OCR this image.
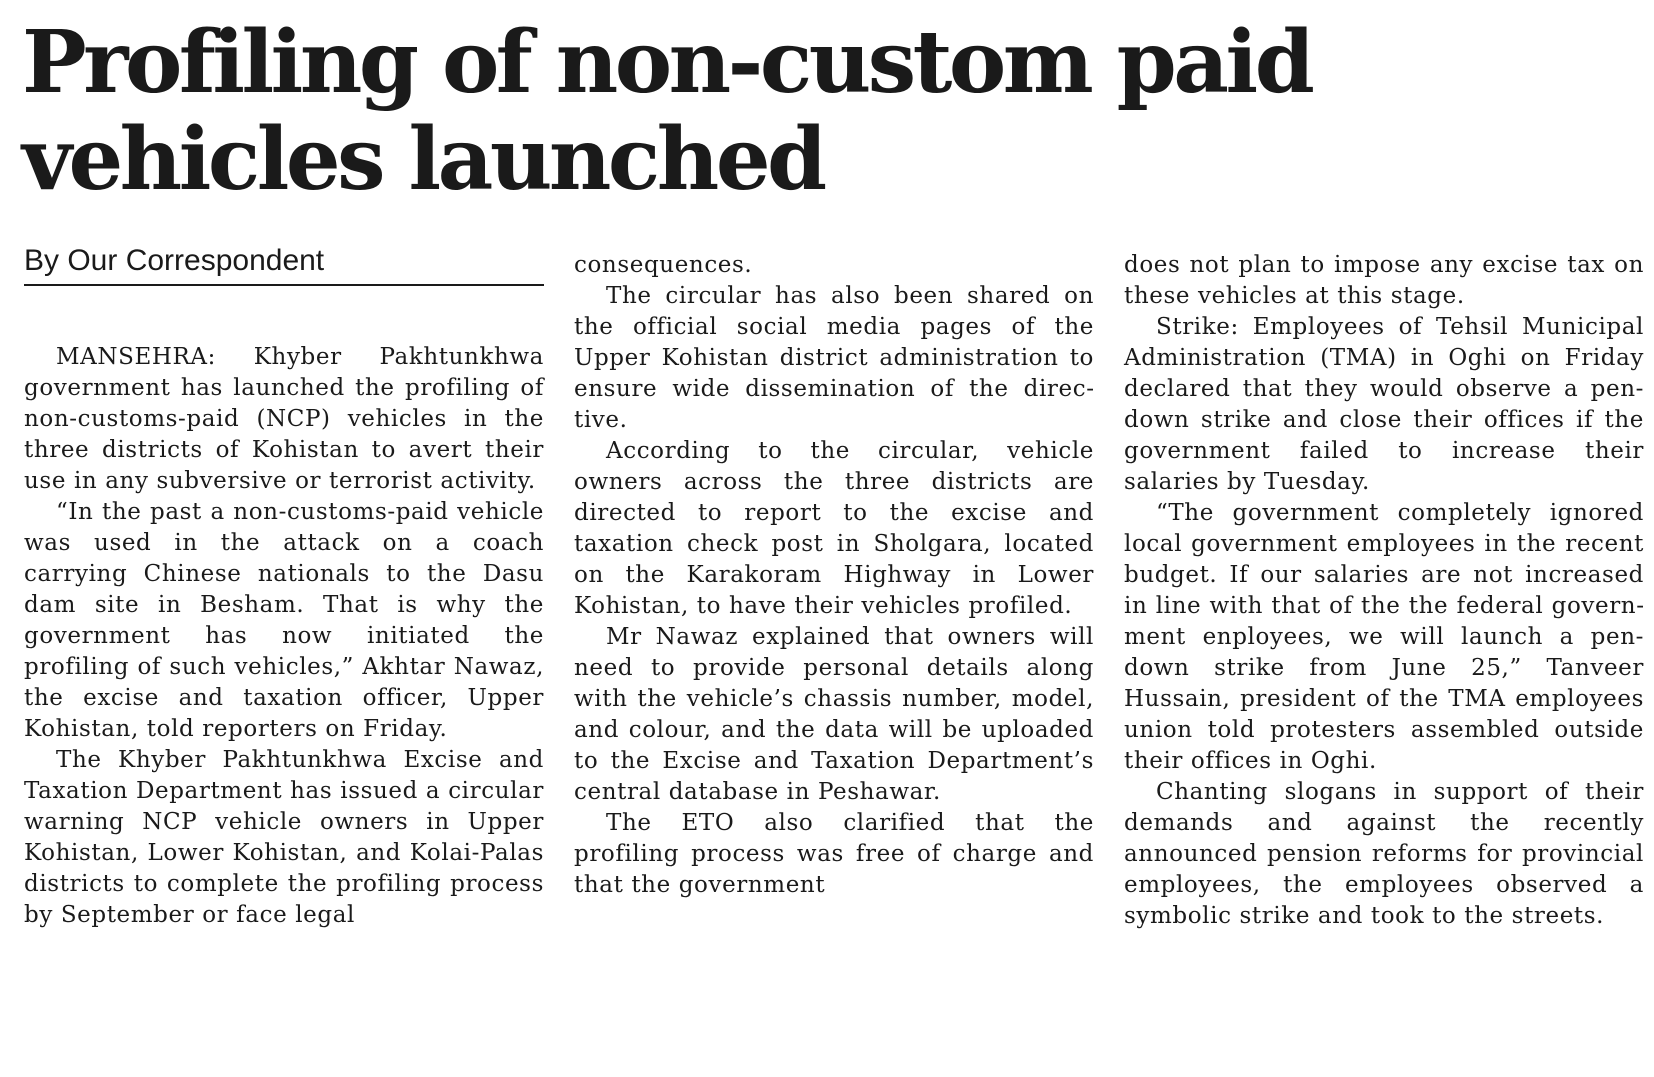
Profiling of non-custom paid
vehicles launched
By Our Correspondent

MANSEHRA: Khyber Pakhtunkhwa government has launched the profiling of non-customs-paid (NCP) vehicles in the three districts of Kohistan to avert their use in any subversive or terrorist activity.

“In the past a non-customs-paid vehicle was used in the attack on a coach carrying Chinese nationals to the Dasu dam site in Besham. That is why the government has now initiated the profiling of such vehicles,” Akhtar Nawaz, the excise and taxation officer, Upper Kohistan, told reporters on Friday.

The Khyber Pakhtunkhwa Excise and Taxation Department has issued a circular warning NCP vehicle owners in Upper Kohistan, Lower Kohistan, and Kolai-Palas districts to complete the profiling process by September or face legal

consequences.

The circular has also been shared on the official social media pages of the Upper Kohistan district administration to ensure wide dissemination of the directive.

According to the circular, vehicle owners across the three districts are directed to report to the excise and taxation check post in Sholgara, located on the Karakoram Highway in Lower Kohistan, to have their vehicles profiled.

Mr Nawaz explained that owners will need to provide personal details along with the vehicle’s chassis number, model, and colour, and the data will be uploaded to the Excise and Taxation Department’s central database in Peshawar.

The ETO also clarified that the profiling process was free of charge and that the government

does not plan to impose any excise tax on these vehicles at this stage.

Strike: Employees of Tehsil Municipal Administration (TMA) in Oghi on Friday declared that they would observe a pen-down strike and close their offices if the government failed to increase their salaries by Tuesday.

“The government completely ignored local government employees in the recent budget. If our salaries are not increased in line with that of the the federal government enployees, we will launch a pen-down strike from June 25,” Tanveer Hussain, president of the TMA employees union told protesters assembled outside their offices in Oghi.

Chanting slogans in support of their demands and against the recently announced pension reforms for provincial employees, the employees observed a symbolic strike and took to the streets.
